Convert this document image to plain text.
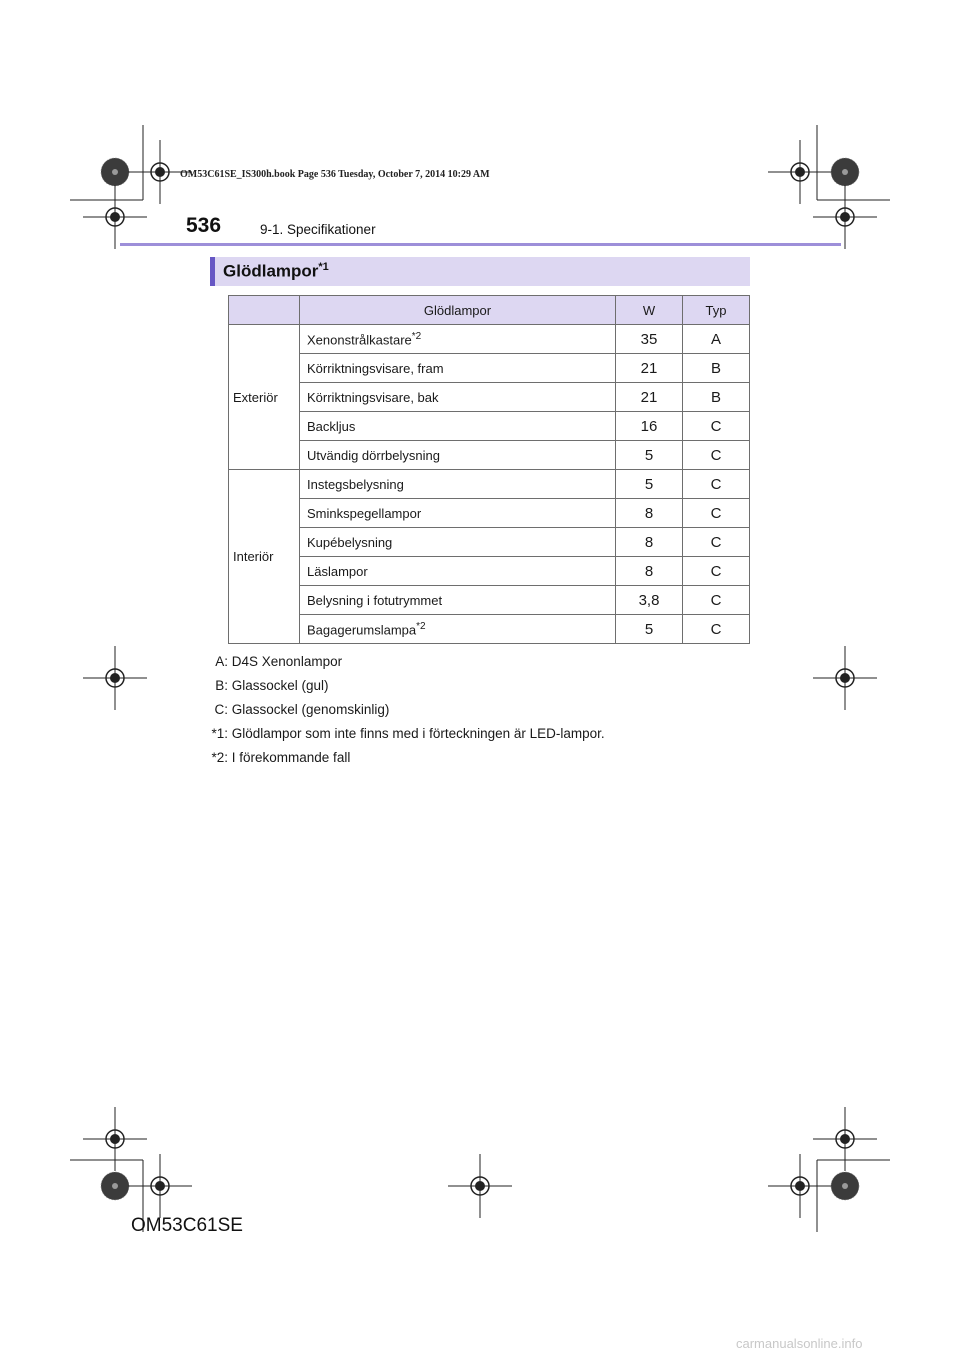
OM53C61SE_IS300h.book Page 536 Tuesday, October 7, 2014 10:29 AM
536	9-1. Specifikationer
Glödlampor$^{*1}$
	Glödlampor	W	Typ
Exteriör	Xenonstrålkastare$^{*2}$	35	A
	Körriktningsvisare, fram	21	B
	Körriktningsvisare, bak	21	B
	Backljus	16	C
	Utvändig dörrbelysning	5	C
Interiör	Instegsbelysning	5	C
	Sminkspegellampor	8	C
	Kupébelysning	8	C
	Läslampor	8	C
	Belysning i fotutrymmet	3,8	C
	Bagagerumslampa$^{*2}$	5	C
A: D4S Xenonlampor
B: Glassockel (gul)
C: Glassockel (genomskinlig)
*1: Glödlampor som inte finns med i förteckningen är LED-lampor.
*2: I förekommande fall
OM53C61SE
carmanualsonline.info
